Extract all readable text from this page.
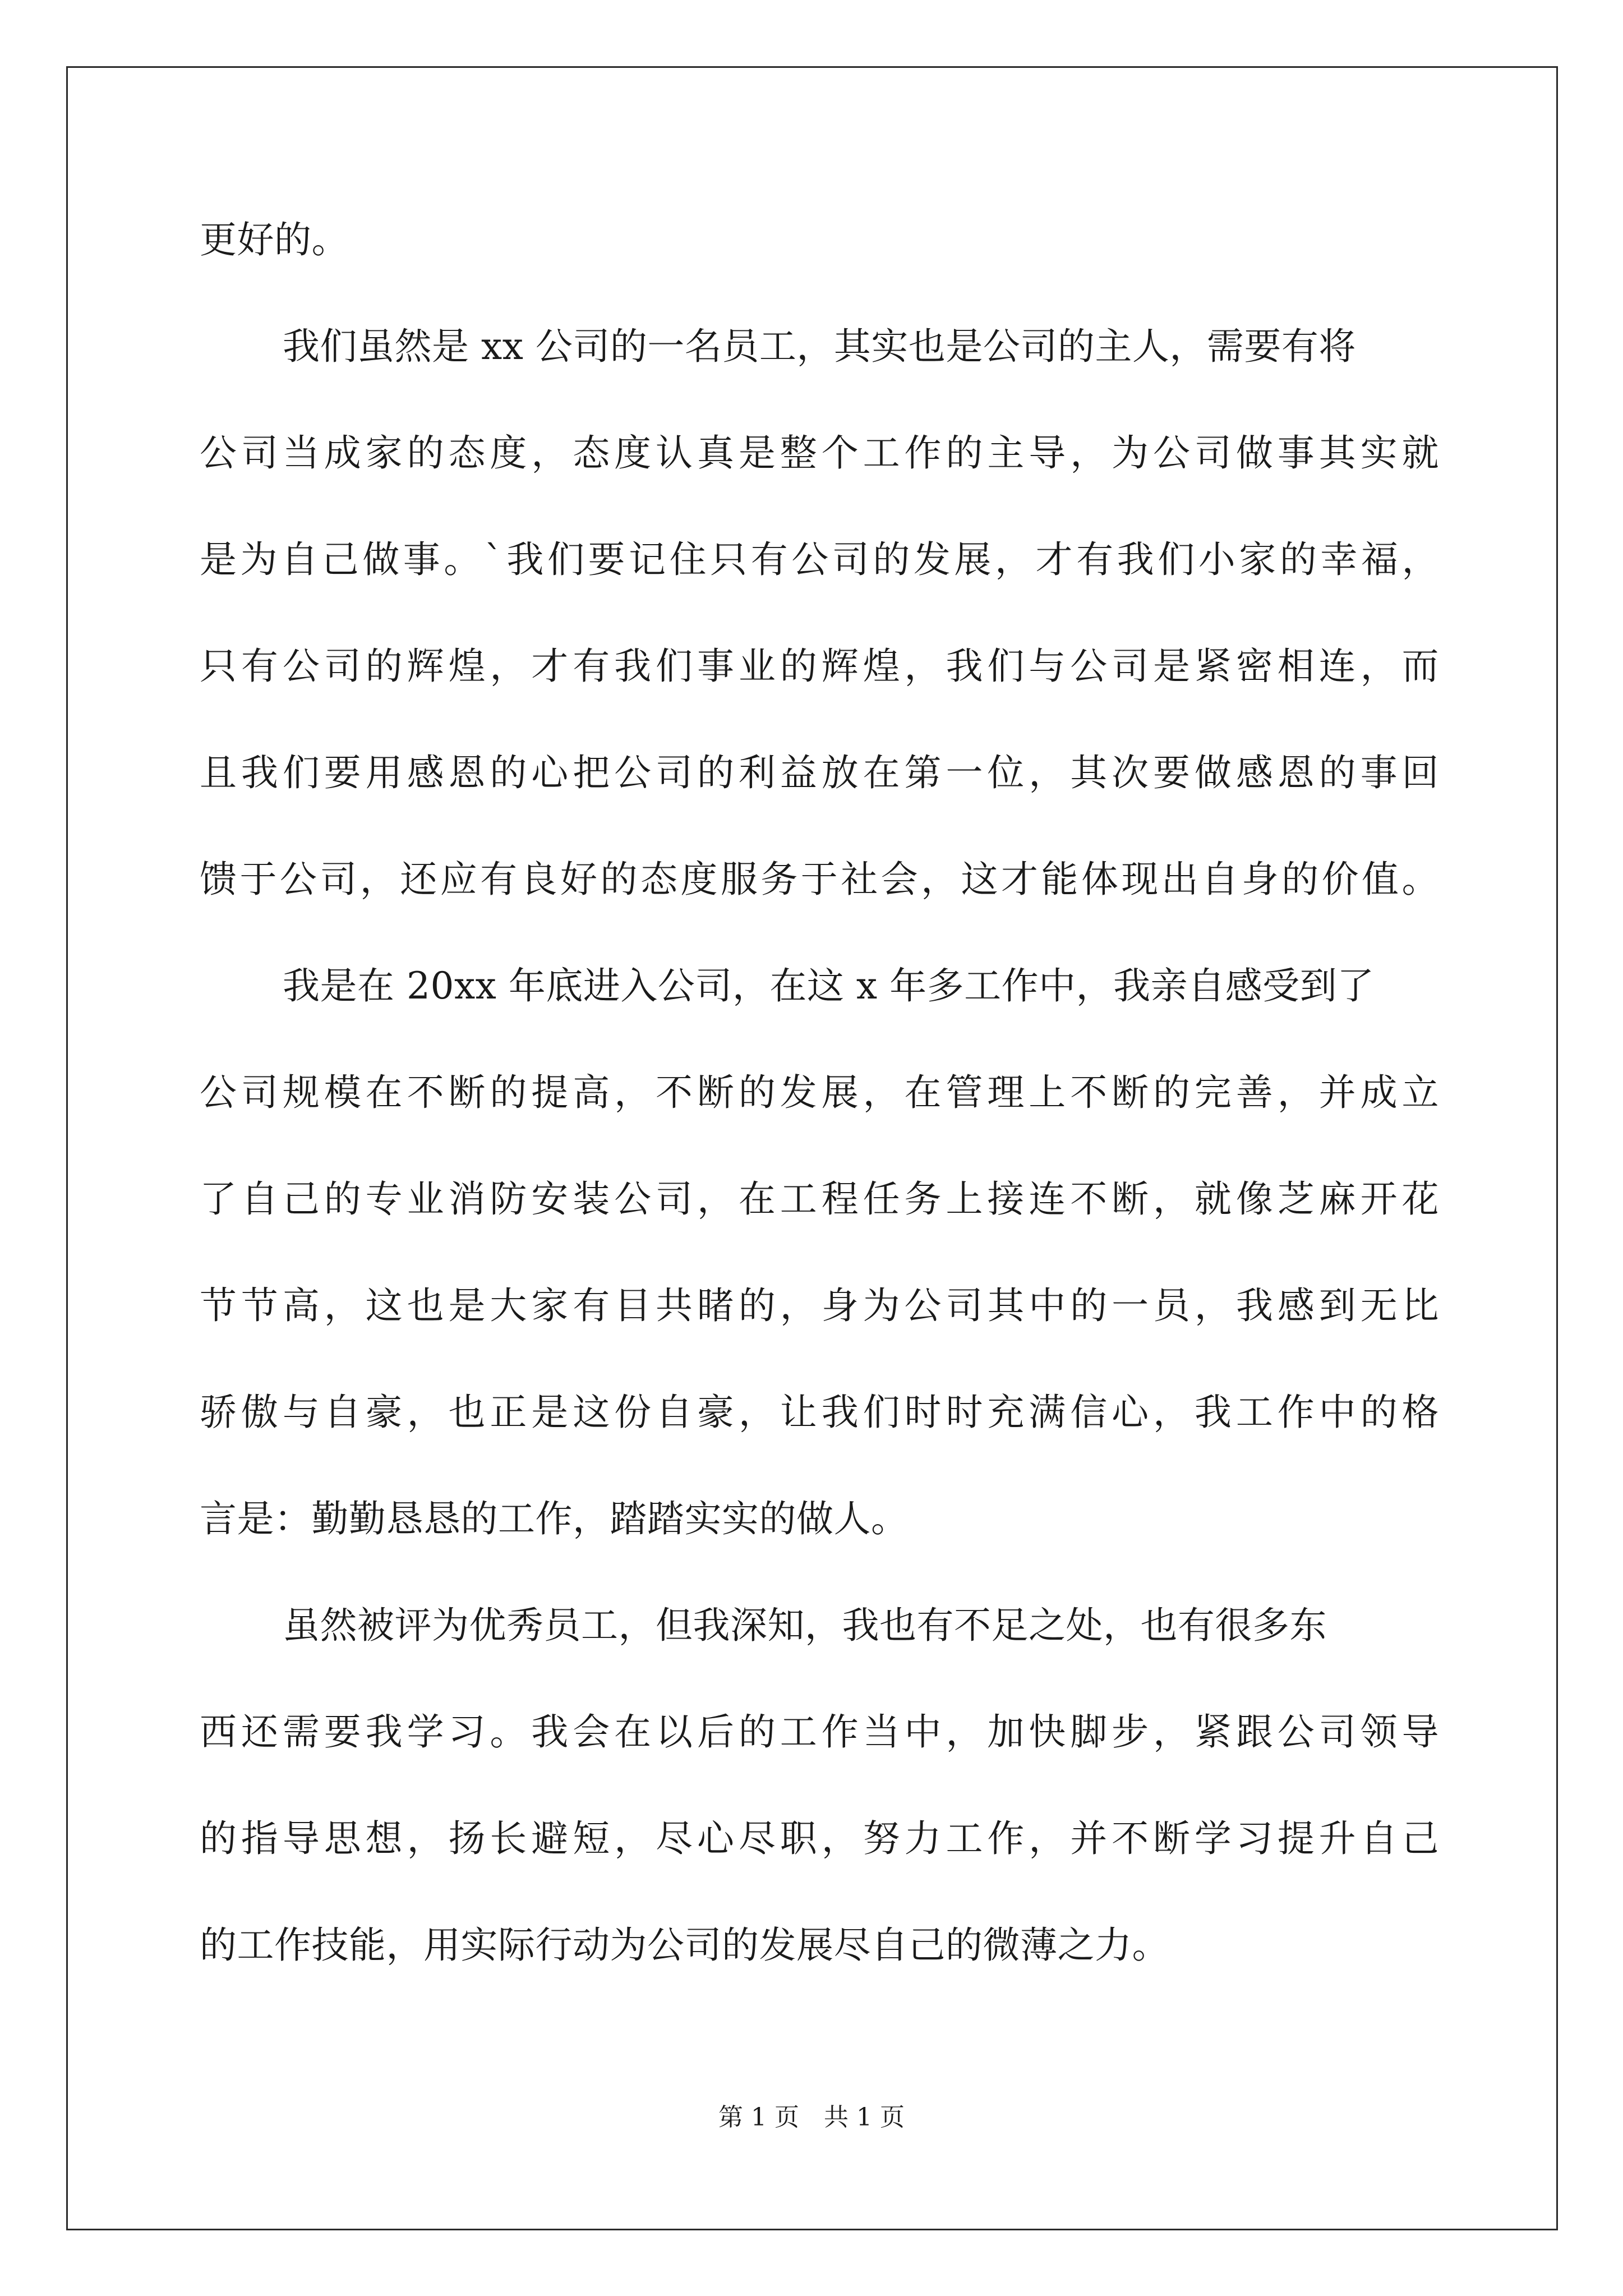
更好的。
我们虽然是 xx 公司的一名员工，其实也是公司的主人，需要有将
公司当成家的态度，态度认真是整个工作的主导，为公司做事其实就
是为自己做事。`我们要记住只有公司的发展，才有我们小家的幸福，
只有公司的辉煌，才有我们事业的辉煌，我们与公司是紧密相连，而
且我们要用感恩的心把公司的利益放在第一位，其次要做感恩的事回
馈于公司，还应有良好的态度服务于社会，这才能体现出自身的价值。
我是在 20xx 年底进入公司，在这 x 年多工作中，我亲自感受到了
公司规模在不断的提高，不断的发展，在管理上不断的完善，并成立
了自己的专业消防安装公司，在工程任务上接连不断，就像芝麻开花
节节高，这也是大家有目共睹的，身为公司其中的一员，我感到无比
骄傲与自豪，也正是这份自豪，让我们时时充满信心，我工作中的格
言是：勤勤恳恳的工作，踏踏实实的做人。
虽然被评为优秀员工，但我深知，我也有不足之处，也有很多东
西还需要我学习。我会在以后的工作当中，加快脚步，紧跟公司领导
的指导思想，扬长避短，尽心尽职，努力工作，并不断学习提升自己
的工作技能，用实际行动为公司的发展尽自己的微薄之力。
第 1 页　共 1 页
